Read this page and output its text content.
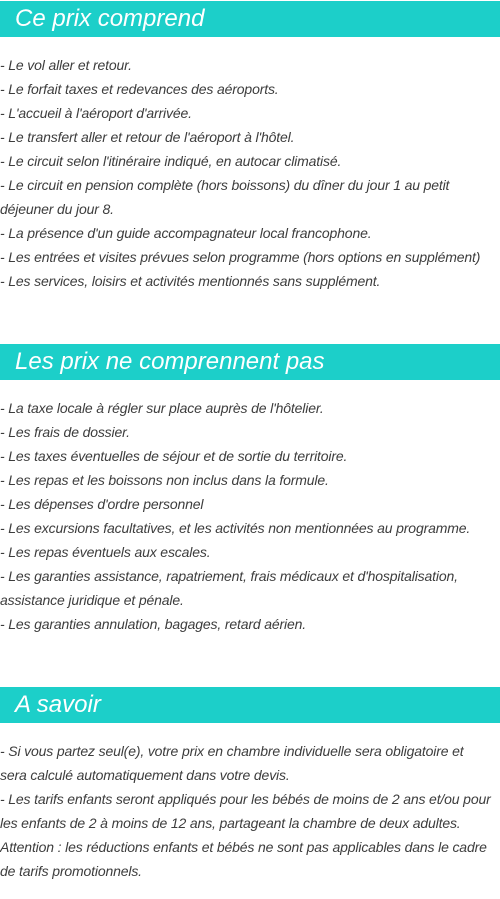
Ce prix comprend
- Le vol aller et retour.
- Le forfait taxes et redevances des aéroports.
- L'accueil à l'aéroport d'arrivée.
- Le transfert aller et retour de l'aéroport à l'hôtel.
- Le circuit selon l'itinéraire indiqué, en autocar climatisé.
- Le circuit en pension complète (hors boissons) du dîner du jour 1 au petit
déjeuner du jour 8.
- La présence d'un guide accompagnateur local francophone.
- Les entrées et visites prévues selon programme (hors options en supplément)
- Les services, loisirs et activités mentionnés sans supplément.
Les prix ne comprennent pas
- La taxe locale à régler sur place auprès de l'hôtelier.
- Les frais de dossier.
- Les taxes éventuelles de séjour et de sortie du territoire.
- Les repas et les boissons non inclus dans la formule.
- Les dépenses d'ordre personnel
- Les excursions facultatives, et les activités non mentionnées au programme.
- Les repas éventuels aux escales.
- Les garanties assistance, rapatriement, frais médicaux et d'hospitalisation,
assistance juridique et pénale.
- Les garanties annulation, bagages, retard aérien.
A savoir
- Si vous partez seul(e), votre prix en chambre individuelle sera obligatoire et
sera calculé automatiquement dans votre devis.
- Les tarifs enfants seront appliqués pour les bébés de moins de 2 ans et/ou pour
les enfants de 2 à moins de 12 ans, partageant la chambre de deux adultes.
Attention : les réductions enfants et bébés ne sont pas applicables dans le cadre
de tarifs promotionnels.
